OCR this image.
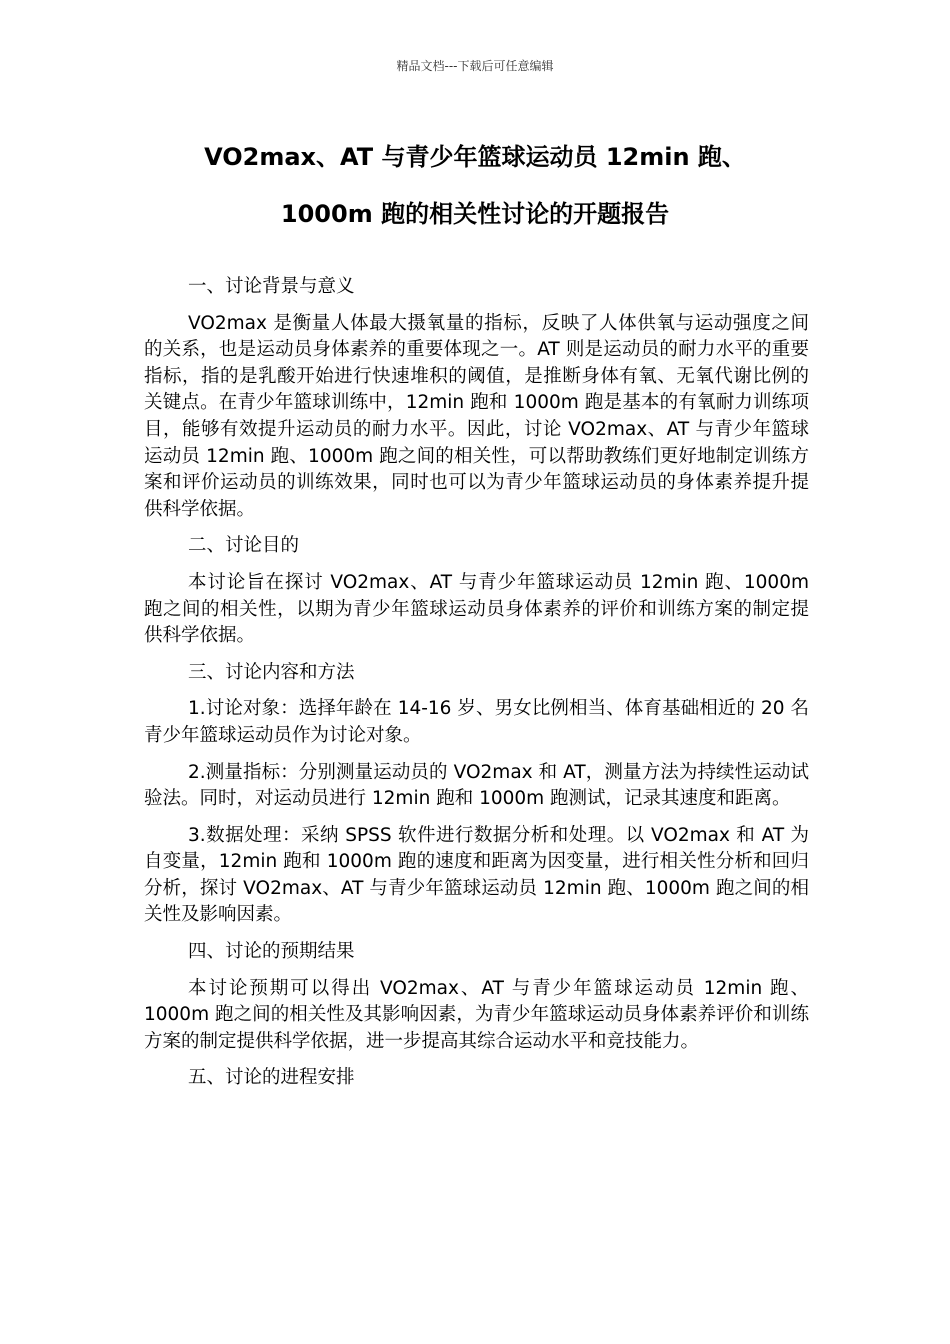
精品文档---下载后可任意编辑
VO2max、AT 与青少年篮球运动员 12min 跑、
1000m 跑的相关性讨论的开题报告

一、讨论背景与意义

VO2max 是衡量人体最大摄氧量的指标，反映了人体供氧与运动强度之间的关系，也是运动员身体素养的重要体现之一。AT 则是运动员的耐力水平的重要指标，指的是乳酸开始进行快速堆积的阈值，是推断身体有氧、无氧代谢比例的关键点。在青少年篮球训练中，12min 跑和 1000m 跑是基本的有氧耐力训练项目，能够有效提升运动员的耐力水平。因此，讨论 VO2max、AT 与青少年篮球运动员 12min 跑、1000m 跑之间的相关性，可以帮助教练们更好地制定训练方案和评价运动员的训练效果，同时也可以为青少年篮球运动员的身体素养提升提供科学依据。

二、讨论目的

本讨论旨在探讨 VO2max、AT 与青少年篮球运动员 12min 跑、1000m 跑之间的相关性，以期为青少年篮球运动员身体素养的评价和训练方案的制定提供科学依据。

三、讨论内容和方法

1.讨论对象：选择年龄在 14-16 岁、男女比例相当、体育基础相近的 20 名青少年篮球运动员作为讨论对象。

2.测量指标：分别测量运动员的 VO2max 和 AT，测量方法为持续性运动试验法。同时，对运动员进行 12min 跑和 1000m 跑测试，记录其速度和距离。

3.数据处理：采纳 SPSS 软件进行数据分析和处理。以 VO2max 和 AT 为自变量，12min 跑和 1000m 跑的速度和距离为因变量，进行相关性分析和回归分析，探讨 VO2max、AT 与青少年篮球运动员 12min 跑、1000m 跑之间的相关性及影响因素。

四、讨论的预期结果

本讨论预期可以得出 VO2max、AT 与青少年篮球运动员 12min 跑、1000m 跑之间的相关性及其影响因素，为青少年篮球运动员身体素养评价和训练方案的制定提供科学依据，进一步提高其综合运动水平和竞技能力。

五、讨论的进程安排
